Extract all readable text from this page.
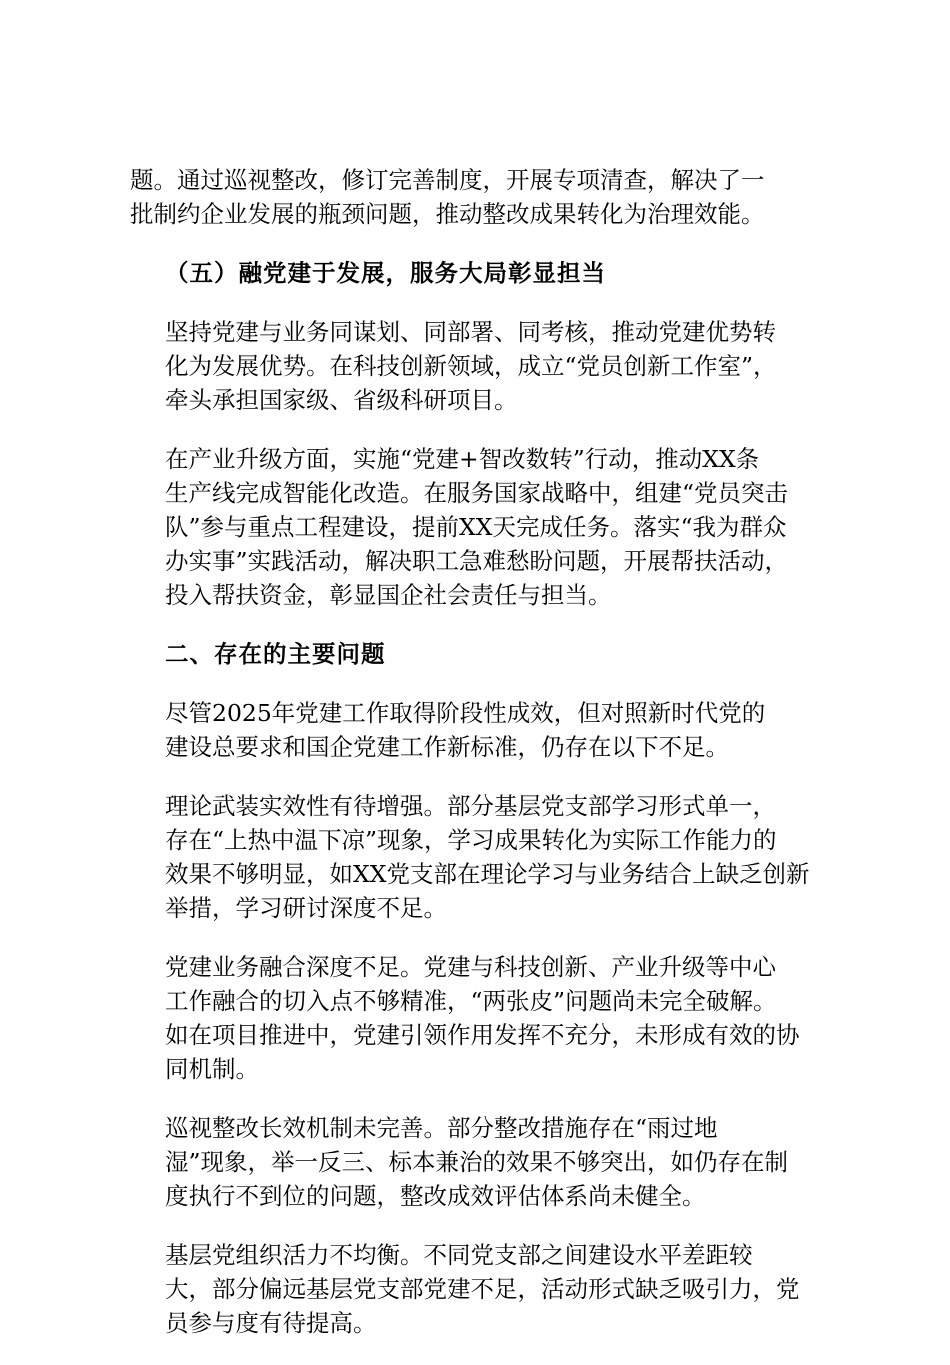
题。通过巡视整改，修订完善制度，开展专项清查，解决了一
批制约企业发展的瓶颈问题，推动整改成果转化为治理效能。

（五）融党建于发展，服务大局彰显担当

坚持党建与业务同谋划、同部署、同考核，推动党建优势转
化为发展优势。在科技创新领域，成立“党员创新工作室”，
牵头承担国家级、省级科研项目。

在产业升级方面，实施“党建+智改数转”行动，推动XX条
生产线完成智能化改造。在服务国家战略中，组建“党员突击
队”参与重点工程建设，提前XX天完成任务。落实“我为群众
办实事”实践活动，解决职工急难愁盼问题，开展帮扶活动，
投入帮扶资金，彰显国企社会责任与担当。

二、存在的主要问题

尽管2025年党建工作取得阶段性成效，但对照新时代党的
建设总要求和国企党建工作新标准，仍存在以下不足。

理论武装实效性有待增强。部分基层党支部学习形式单一，
存在“上热中温下凉”现象，学习成果转化为实际工作能力的
效果不够明显，如XX党支部在理论学习与业务结合上缺乏创新
举措，学习研讨深度不足。

党建业务融合深度不足。党建与科技创新、产业升级等中心
工作融合的切入点不够精准，“两张皮”问题尚未完全破解。
如在项目推进中，党建引领作用发挥不充分，未形成有效的协
同机制。

巡视整改长效机制未完善。部分整改措施存在“雨过地
湿”现象，举一反三、标本兼治的效果不够突出，如仍存在制
度执行不到位的问题，整改成效评估体系尚未健全。

基层党组织活力不均衡。不同党支部之间建设水平差距较
大，部分偏远基层党支部党建不足，活动形式缺乏吸引力，党
员参与度有待提高。
